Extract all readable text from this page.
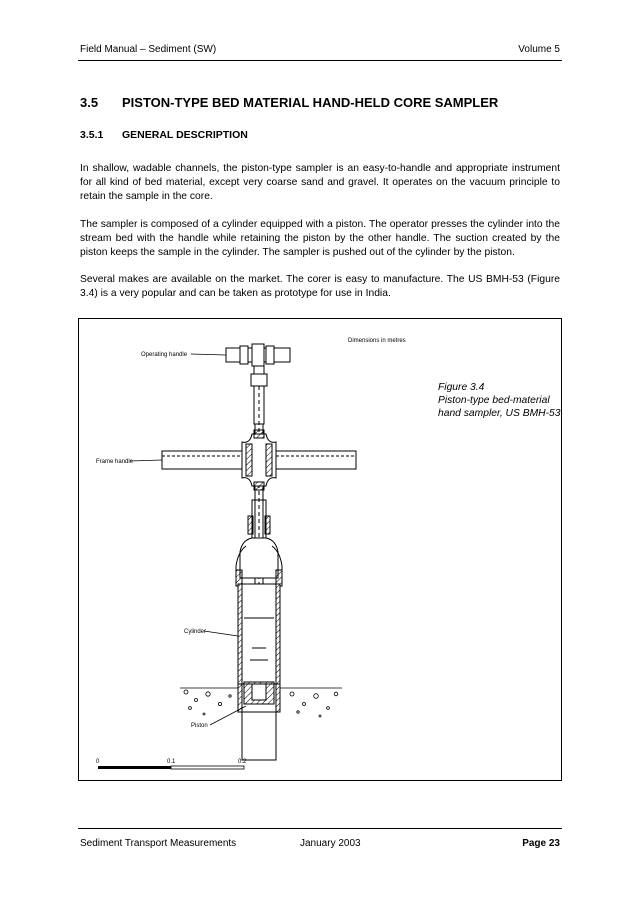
Field Manual – Sediment (SW)	Volume 5
3.5 PISTON-TYPE BED MATERIAL HAND-HELD CORE SAMPLER
3.5.1 GENERAL DESCRIPTION

In shallow, wadable channels, the piston-type sampler is an easy-to-handle and appropriate instrument for all kind of bed material, except very coarse sand and gravel. It operates on the vacuum principle to retain the sample in the core.

The sampler is composed of a cylinder equipped with a piston. The operator presses the cylinder into the stream bed with the handle while retaining the piston by the other handle. The suction created by the piston keeps the sample in the cylinder. The sampler is pushed out of the cylinder by the piston.

Several makes are available on the market. The corer is easy to manufacture. The US BMH-53 (Figure 3.4) is a very popular and can be taken as prototype for use in India.

Dimensions in metres
Operating handle
Frame handle
Cylinder
Piston
0	0.1	0.2
Figure 3.4
Piston-type bed-material hand sampler, US BMH-53
Sediment Transport Measurements	January 2003	Page 23
